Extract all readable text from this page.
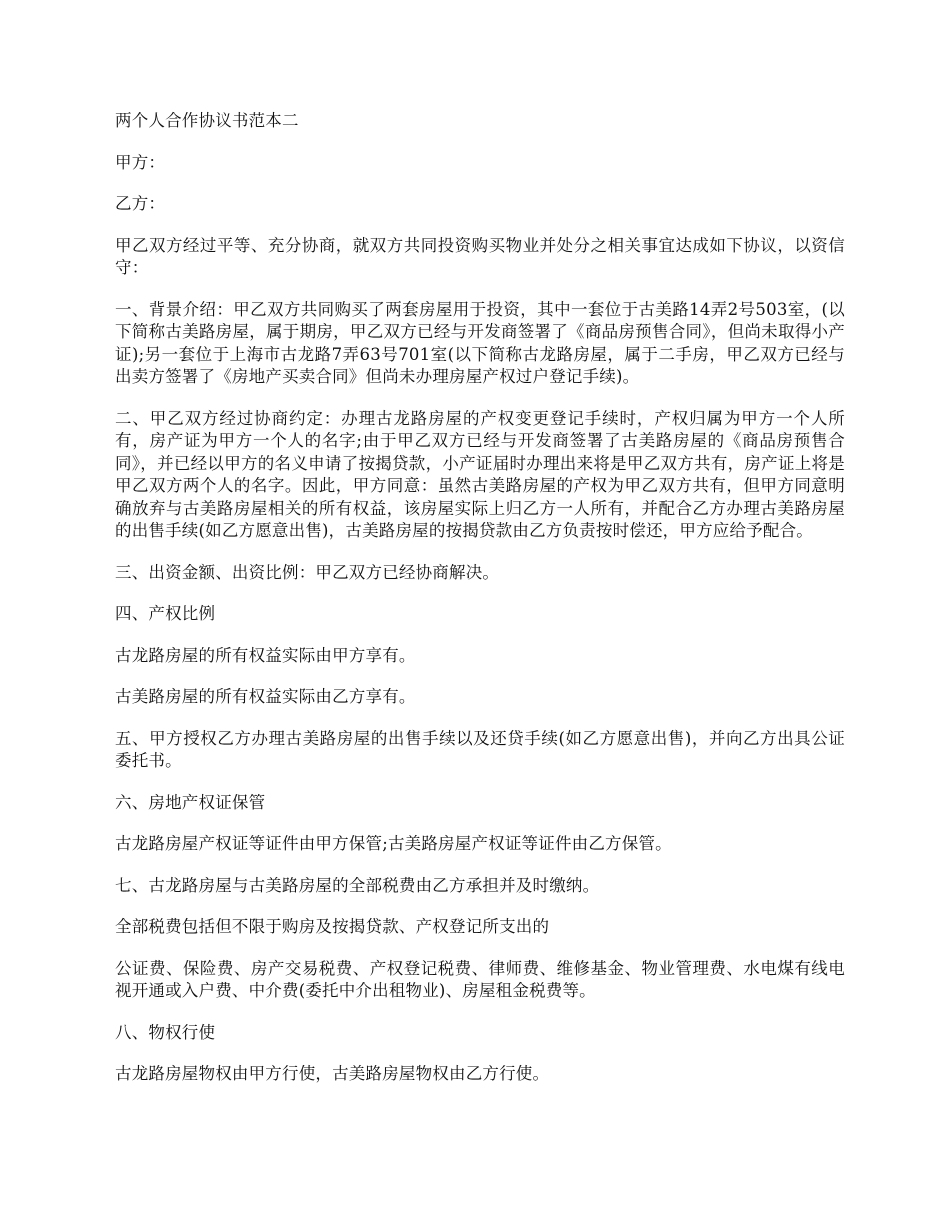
两个人合作协议书范本二

甲方：

乙方：

甲乙双方经过平等、充分协商，就双方共同投资购买物业并处分之相关事宜达成如下协议，以资信守：

一、背景介绍：甲乙双方共同购买了两套房屋用于投资，其中一套位于古美路14弄2号503室，(以下简称古美路房屋，属于期房，甲乙双方已经与开发商签署了《商品房预售合同》，但尚未取得小产证);另一套位于上海市古龙路7弄63号701室(以下简称古龙路房屋，属于二手房，甲乙双方已经与出卖方签署了《房地产买卖合同》但尚未办理房屋产权过户登记手续)。

二、甲乙双方经过协商约定：办理古龙路房屋的产权变更登记手续时，产权归属为甲方一个人所有，房产证为甲方一个人的名字;由于甲乙双方已经与开发商签署了古美路房屋的《商品房预售合同》，并已经以甲方的名义申请了按揭贷款，小产证届时办理出来将是甲乙双方共有，房产证上将是甲乙双方两个人的名字。因此，甲方同意：虽然古美路房屋的产权为甲乙双方共有，但甲方同意明确放弃与古美路房屋相关的所有权益，该房屋实际上归乙方一人所有，并配合乙方办理古美路房屋的出售手续(如乙方愿意出售)，古美路房屋的按揭贷款由乙方负责按时偿还，甲方应给予配合。

三、出资金额、出资比例：甲乙双方已经协商解决。

四、产权比例

古龙路房屋的所有权益实际由甲方享有。

古美路房屋的所有权益实际由乙方享有。

五、甲方授权乙方办理古美路房屋的出售手续以及还贷手续(如乙方愿意出售)，并向乙方出具公证委托书。

六、房地产权证保管

古龙路房屋产权证等证件由甲方保管;古美路房屋产权证等证件由乙方保管。

七、古龙路房屋与古美路房屋的全部税费由乙方承担并及时缴纳。

全部税费包括但不限于购房及按揭贷款、产权登记所支出的

公证费、保险费、房产交易税费、产权登记税费、律师费、维修基金、物业管理费、水电煤有线电视开通或入户费、中介费(委托中介出租物业)、房屋租金税费等。

八、物权行使

古龙路房屋物权由甲方行使，古美路房屋物权由乙方行使。
